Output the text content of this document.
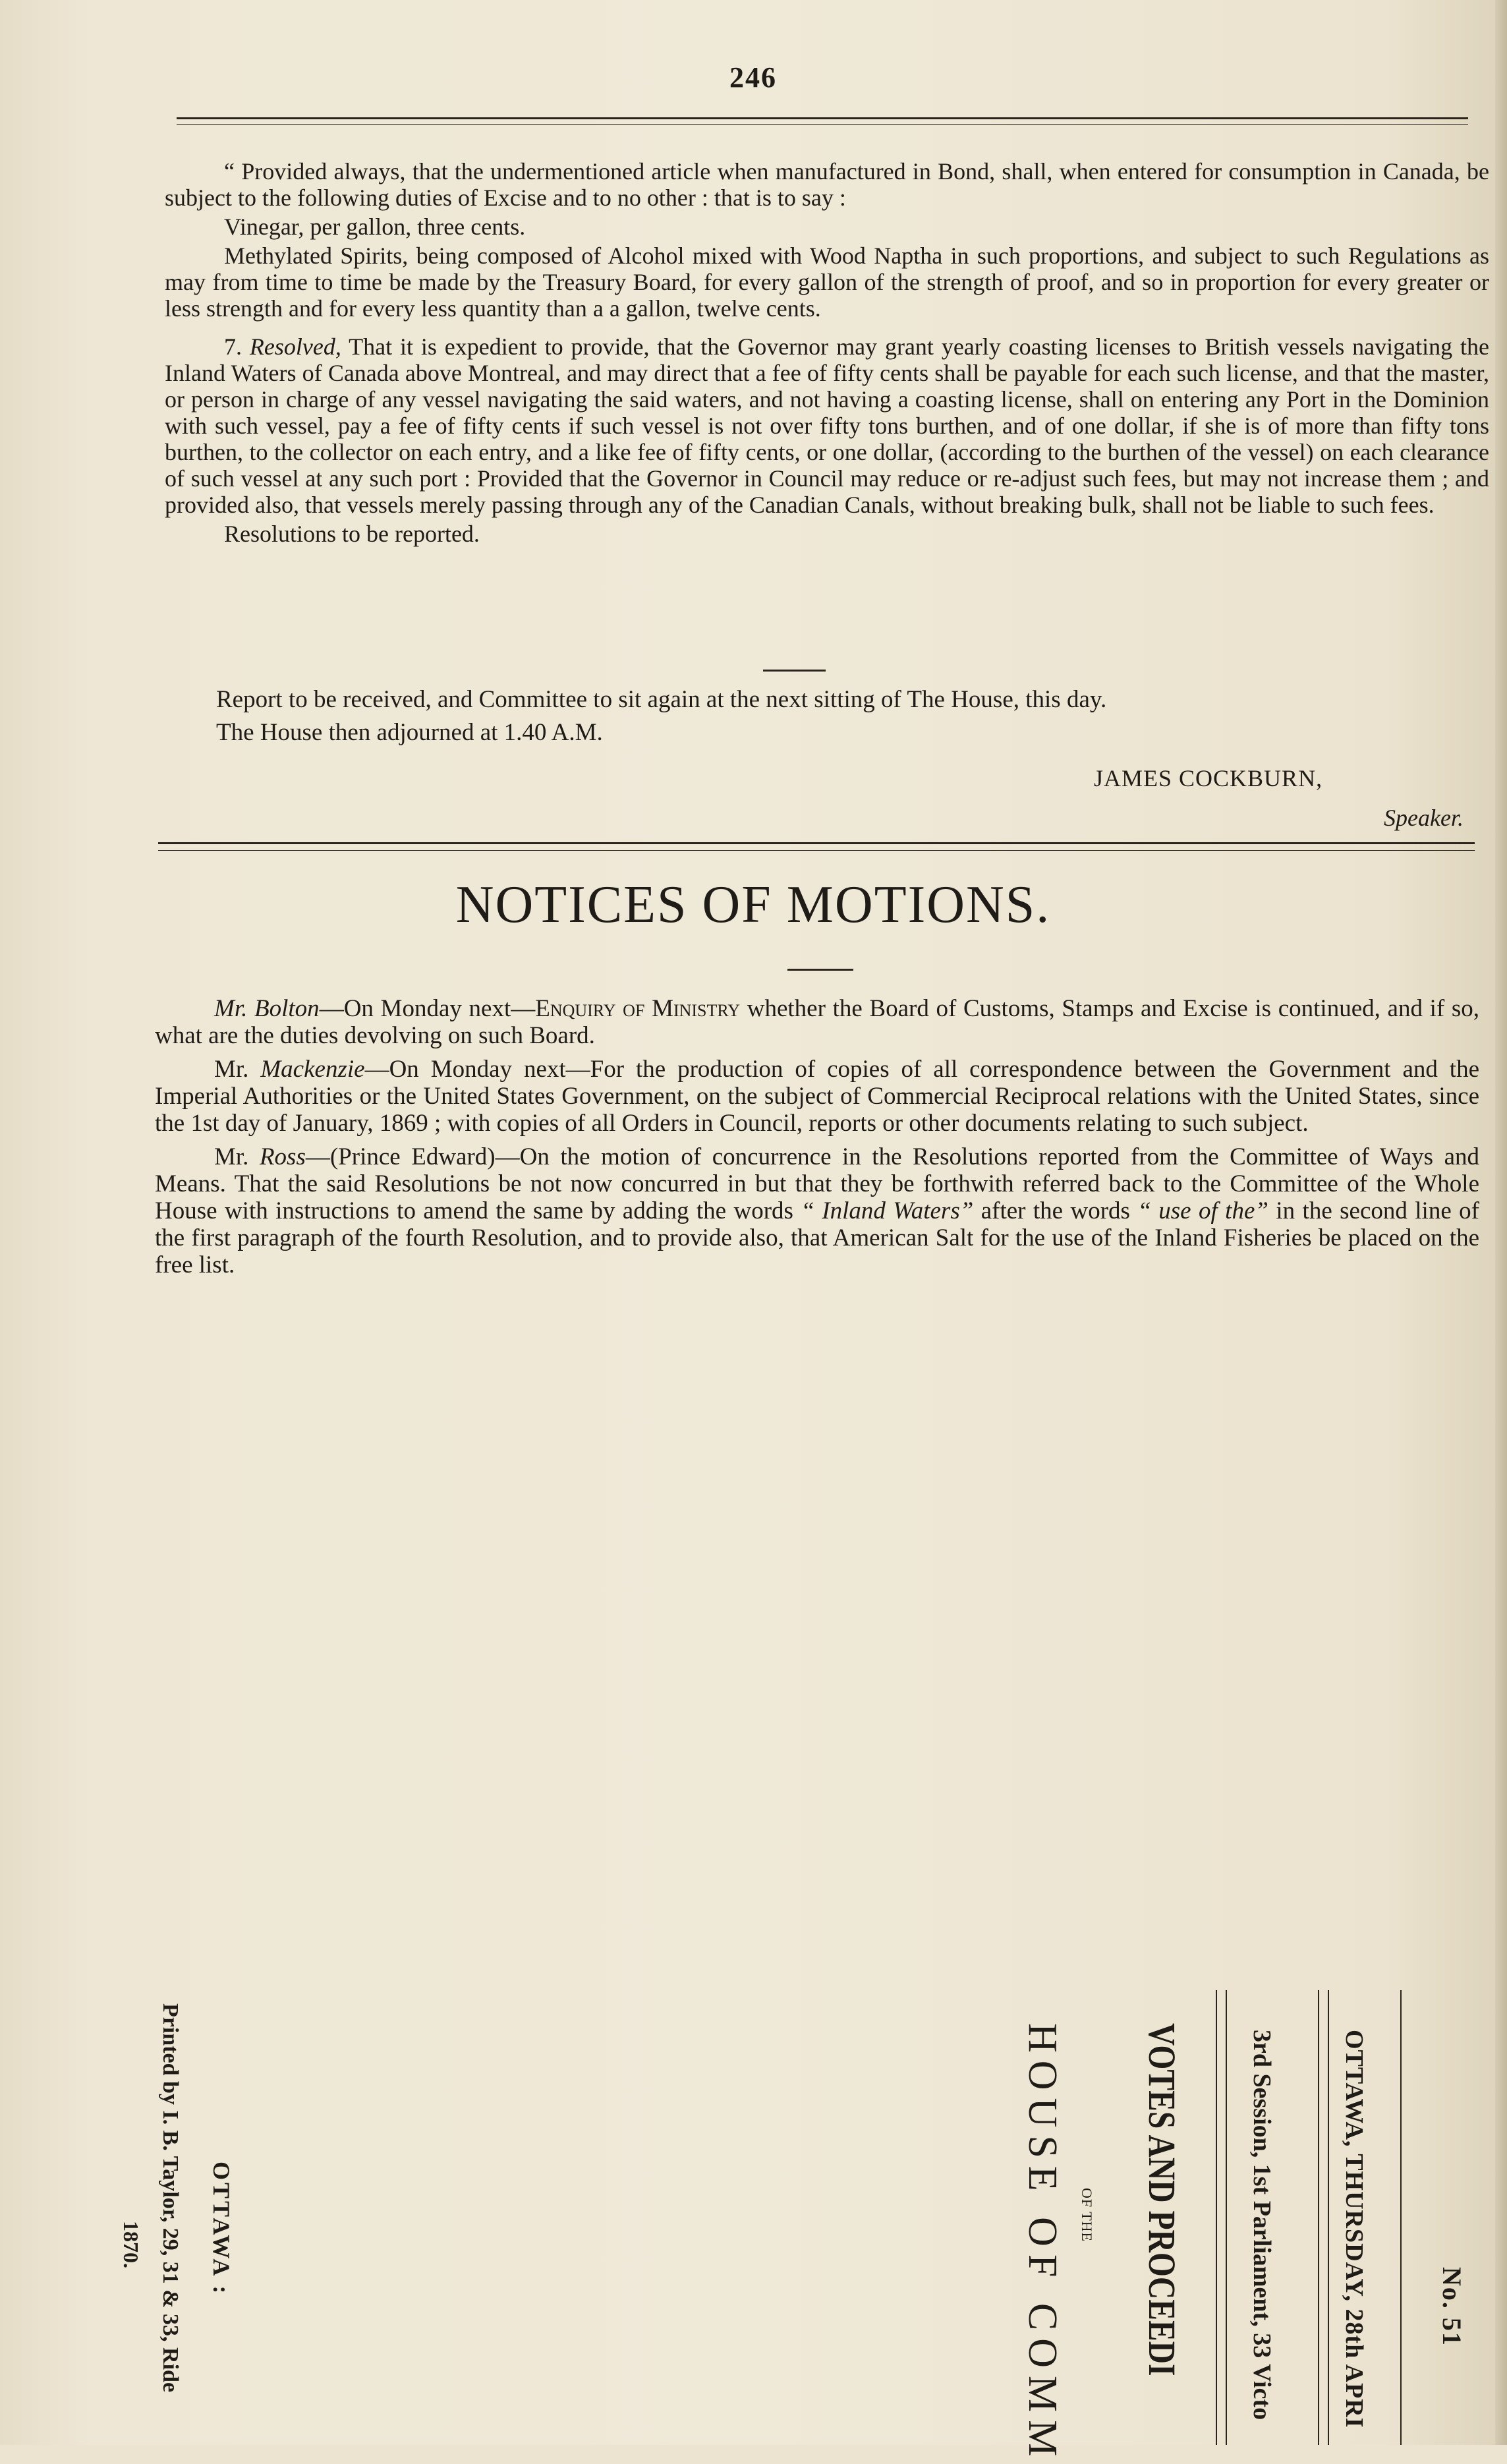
246

“ Provided always, that the undermentioned article when manufactured in Bond, shall, when entered for consumption in Canada, be subject to the following duties of Excise and to no other : that is to say :

Vinegar, per gallon, three cents.

Methylated Spirits, being composed of Alcohol mixed with Wood Naptha in such proportions, and subject to such Regulations as may from time to time be made by the Treasury Board, for every gallon of the strength of proof, and so in proportion for every greater or less strength and for every less quantity than a a gallon, twelve cents.

7. Resolved, That it is expedient to provide, that the Governor may grant yearly coasting licenses to British vessels navigating the Inland Waters of Canada above Montreal, and may direct that a fee of fifty cents shall be payable for each such license, and that the master, or person in charge of any vessel navigating the said waters, and not having a coasting license, shall on entering any Port in the Dominion with such vessel, pay a fee of fifty cents if such vessel is not over fifty tons burthen, and of one dollar, if she is of more than fifty tons burthen, to the collector on each entry, and a like fee of fifty cents, or one dollar, (according to the burthen of the vessel) on each clearance of such vessel at any such port : Provided that the Governor in Council may reduce or re-adjust such fees, but may not increase them ; and provided also, that vessels merely passing through any of the Canadian Canals, without breaking bulk, shall not be liable to such fees.

Resolutions to be reported.

Report to be received, and Committee to sit again at the next sitting of The House, this day.

The House then adjourned at 1.40 A.M.

JAMES COCKBURN,
Speaker.
NOTICES OF MOTIONS.

Mr. Bolton—On Monday next—Enquiry of Ministry whether the Board of Customs, Stamps and Excise is continued, and if so, what are the duties devolving on such Board.

Mr. Mackenzie—On Monday next—For the production of copies of all correspondence between the Government and the Imperial Authorities or the United States Government, on the subject of Commercial Reciprocal relations with the United States, since the 1st day of January, 1869 ; with copies of all Orders in Council, reports or other documents relating to such subject.

Mr. Ross—(Prince Edward)—On the motion of concurrence in the Resolutions reported from the Committee of Ways and Means. That the said Resolutions be not now concurred in but that they be forthwith referred back to the Committee of the Whole House with instructions to amend the same by adding the words “ Inland Waters” after the words “ use of the” in the second line of the first paragraph of the fourth Resolution, and to provide also, that American Salt for the use of the Inland Fisheries be placed on the free list.

No. 51
OTTAWA, THURSDAY, 28th APRI
3rd Session, 1st Parliament, 33 Victo
VOTES AND PROCEEDI
OF THE
HOUSE OF COMM
OTTAWA :
Printed by I. B. Taylor, 29, 31 & 33, Ride
1870.
